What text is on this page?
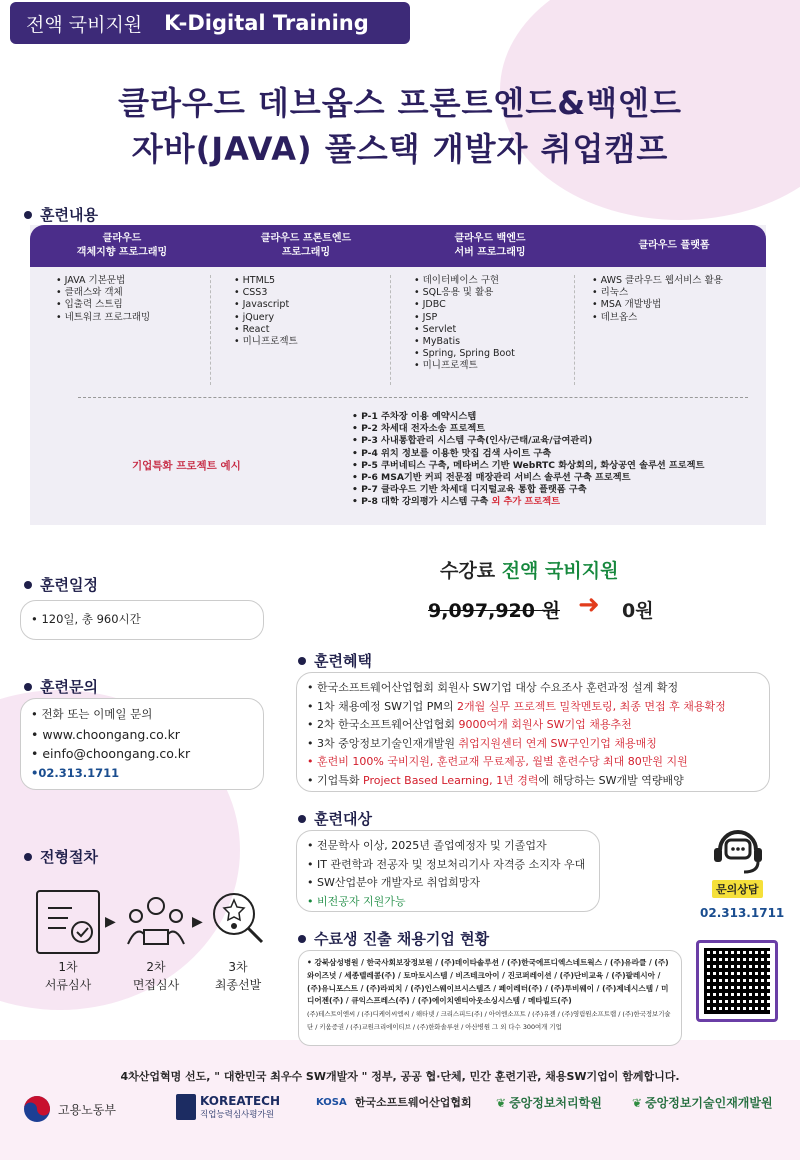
전액 국비지원 K-Digital Training
클라우드 데브옵스 프론트엔드&백엔드
자바(JAVA) 풀스택 개발자 취업캠프
훈련내용
클라우드
객체지향 프로그래밍
클라우드 프론트엔드
프로그래밍
클라우드 백엔드
서버 프로그래밍
클라우드 플랫폼
• JAVA 기본문법
• 클래스와 객체
• 입출력 스트림
• 네트워크 프로그래밍
• HTML5
• CSS3
• Javascript
• jQuery
• React
• 미니프로젝트
• 데이터베이스 구현
• SQL응용 및 활용
• JDBC
• JSP
• Servlet
• MyBatis
• Spring, Spring Boot
• 미니프로젝트
• AWS 클라우드 웹서비스 활용
• 리눅스
• MSA 개발방법
• 데브옵스
기업특화 프로젝트 예시
• P-1 주차장 이용 예약시스템
• P-2 차세대 전자소송 프로젝트
• P-3 사내통합관리 시스템 구축(인사/근태/교육/급여관리)
• P-4 위치 정보를 이용한 맛집 검색 사이트 구축
• P-5 쿠버네티스 구축, 메타버스 기반 WebRTC 화상회의, 화상공연 솔루션 프로젝트
• P-6 MSA기반 커피 전문점 매장관리 서비스 솔루션 구축 프로젝트
• P-7 클라우드 기반 차세대 디지털교육 통합 플랫폼 구축
• P-8 대학 강의평가 시스템 구축 외 추가 프로젝트
훈련일정
• 120일, 총 960시간
수강료 전액 국비지원
9,097,920 원 ➜ 0원
훈련문의
• 전화 또는 이메일 문의
• www.choongang.co.kr
• einfo@choongang.co.kr
•02.313.1711
훈련혜택
• 한국소프트웨어산업협회 회원사 SW기업 대상 수요조사 훈련과정 설계 확정
• 1차 채용예정 SW기업 PM의 2개월 실무 프로젝트 밀착멘토링, 최종 면접 후 채용확정
• 2차 한국소프트웨어산업협회 9000여개 회원사 SW기업 채용추천
• 3차 중앙정보기술인재개발원 취업지원센터 연계 SW구인기업 채용매칭
• 훈련비 100% 국비지원, 훈련교재 무료제공, 월별 훈련수당 최대 80만원 지원
• 기업특화 Project Based Learning, 1년 경력에 해당하는 SW개발 역량배양
훈련대상
• 전문학사 이상, 2025년 졸업예정자 및 기졸업자
• IT 관련학과 전공자 및 정보처리기사 자격증 소지자 우대
• SW산업분야 개발자로 취업희망자
• 비전공자 지원가능
문의상담
02.313.1711
전형절차
▶	▶
1차
서류심사
2차
면접심사
3차
최종선발
수료생 진출 채용기업 현황
• 강북삼성병원 / 한국사회보장정보원 / (주)데이타솔루션 / (주)한국에프디엑스네트웍스 / (주)유라클 / (주)와이즈넛 / 세종텔레콤(주) / 토마토시스템 / 비즈테크아이 / 진코퍼레이션 / (주)단비교육 / (주)팔레시아 / (주)유니포스트 / (주)라피치 / (주)인스웨이브시스템즈 / 페이레터(주) / (주)투비웨이 / (주)제네시스템 / 미디어젠(주) / 큐익스프레스(주) / (주)에이치엔티아웃소싱시스템 / 메타빌드(주)
(주)테스트이엔씨 / (주)디케이씨엠씨 / 해타넷 / 크리스피드(주) / 아이엔소프트 / (주)유젠 / (주)영림원소프트랩 / (주)한국정보기술단 / 키움증권 / (주)교원크리에이티브 / (주)한화솔루션 / 아산병원 그 외 다수 300여개 기업
4차산업혁명 선도, " 대한민국 최우수 SW개발자 " 정부, 공공 협·단체, 민간 훈련기관, 채용SW기업이 함께합니다.
고용노동부
KOREATECH
직업능력심사평가원
KOSA 한국소프트웨어산업협회 ❦ 중앙정보처리학원	❦ 중앙정보기술인재개발원
